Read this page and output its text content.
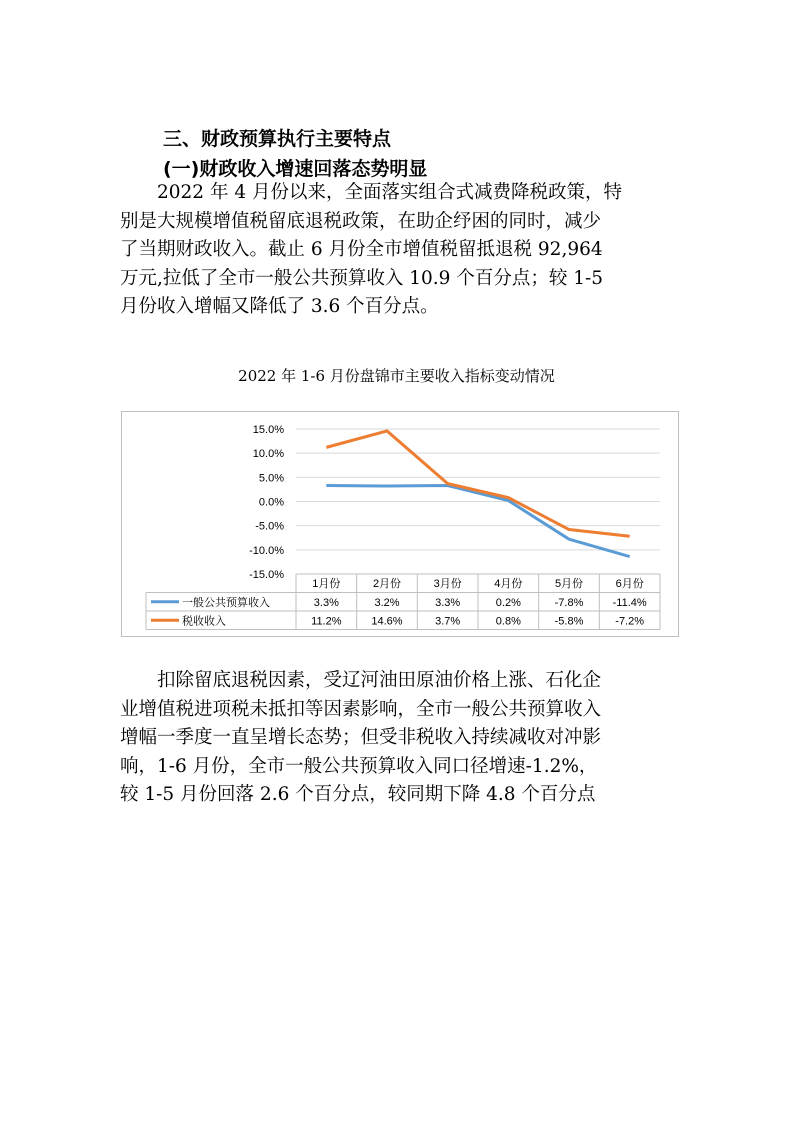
三、财政预算执行主要特点
(一)财政收入增速回落态势明显
　　2022 年 4 月份以来，全面落实组合式减费降税政策，特
别是大规模增值税留底退税政策，在助企纾困的同时，减少
了当期财政收入。截止 6 月份全市增值税留抵退税 92,964
万元,拉低了全市一般公共预算收入 10.9 个百分点；较 1-5
月份收入增幅又降低了 3.6 个百分点。
2022 年 1-6 月份盘锦市主要收入指标变动情况
15.0%
10.0%
5.0%
0.0%
-5.0%
-10.0%
-15.0%
1月份	2月份	3月份	4月份	5月份	6月份
一般公共预算收入	3.3%	3.2%	3.3%	0.2%	-7.8%	-11.4%
税收收入	11.2%	14.6%	3.7%	0.8%	-5.8%	-7.2%
　　扣除留底退税因素，受辽河油田原油价格上涨、石化企
业增值税进项税未抵扣等因素影响，全市一般公共预算收入
增幅一季度一直呈增长态势；但受非税收入持续减收对冲影
响，1-6 月份，全市一般公共预算收入同口径增速-1.2%，
较 1-5 月份回落 2.6 个百分点，较同期下降 4.8 个百分点
